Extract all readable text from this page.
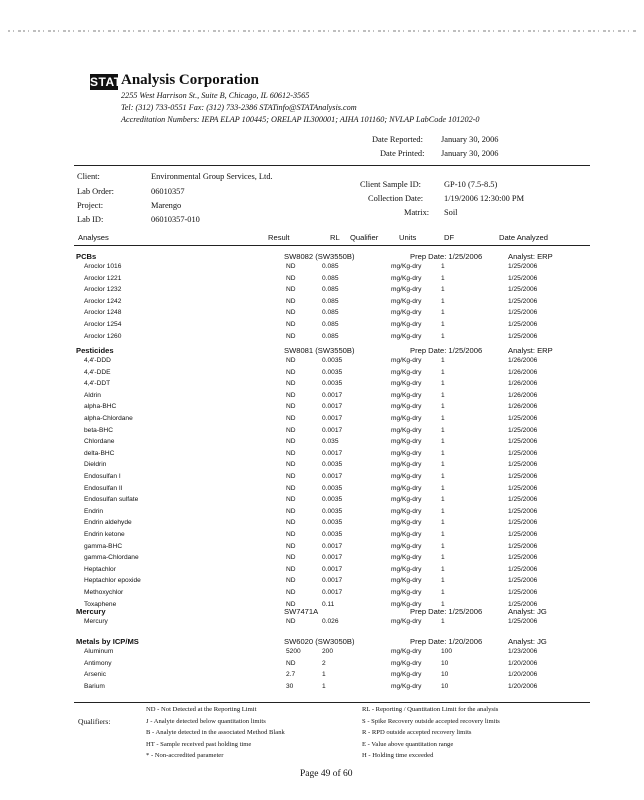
STAT Analysis Corporation
2255 West Harrison St., Suite B, Chicago, IL 60612-3565
Tel: (312) 733-0551 Fax: (312) 733-2386 STATinfo@STATAnalysis.com
Accreditation Numbers: IEPA ELAP 100445; ORELAP IL300001; AIHA 101160; NVLAP LabCode 101202-0
Date Reported: January 30, 2006
Date Printed: January 30, 2006
Client:	Environmental Group Services, Ltd.
Lab Order:	06010357
Project:	Marengo
Lab ID:	06010357-010
Client Sample ID:	GP-10 (7.5-8.5)
Collection Date: 1/19/2006 12:30:00 PM
Matrix: Soil
Analyses	Result	RL Qualifier	Units	DF	Date Analyzed
PCBs	SW8082 (SW3550B)	Prep Date: 1/25/2006	Analyst: ERP
Aroclor 1016	ND	0.085	mg/Kg-dry	1	1/25/2006
Aroclor 1221	ND	0.085	mg/Kg-dry	1	1/25/2006
Aroclor 1232	ND	0.085	mg/Kg-dry	1	1/25/2006
Aroclor 1242	ND	0.085	mg/Kg-dry	1	1/25/2006
Aroclor 1248	ND	0.085	mg/Kg-dry	1	1/25/2006
Aroclor 1254	ND	0.085	mg/Kg-dry	1	1/25/2006
Aroclor 1260	ND	0.085	mg/Kg-dry	1	1/25/2006
Pesticides	SW8081 (SW3550B)	Prep Date: 1/25/2006	Analyst: ERP
4,4'-DDD	ND	0.0035	mg/Kg-dry	1	1/26/2006
4,4'-DDE	ND	0.0035	mg/Kg-dry	1	1/26/2006
4,4'-DDT	ND	0.0035	mg/Kg-dry	1	1/26/2006
Aldrin	ND	0.0017	mg/Kg-dry	1	1/26/2006
alpha-BHC	ND	0.0017	mg/Kg-dry	1	1/26/2006
alpha-Chlordane	ND	0.0017	mg/Kg-dry	1	1/25/2006
beta-BHC	ND	0.0017	mg/Kg-dry	1	1/25/2006
Chlordane	ND	0.035	mg/Kg-dry	1	1/25/2006
delta-BHC	ND	0.0017	mg/Kg-dry	1	1/25/2006
Dieldrin	ND	0.0035	mg/Kg-dry	1	1/25/2006
Endosulfan I	ND	0.0017	mg/Kg-dry	1	1/25/2006
Endosulfan II	ND	0.0035	mg/Kg-dry	1	1/25/2006
Endosulfan sulfate	ND	0.0035	mg/Kg-dry	1	1/25/2006
Endrin	ND	0.0035	mg/Kg-dry	1	1/25/2006
Endrin aldehyde	ND	0.0035	mg/Kg-dry	1	1/25/2006
Endrin ketone	ND	0.0035	mg/Kg-dry	1	1/25/2006
gamma-BHC	ND	0.0017	mg/Kg-dry	1	1/25/2006
gamma-Chlordane	ND	0.0017	mg/Kg-dry	1	1/25/2006
Heptachlor	ND	0.0017	mg/Kg-dry	1	1/25/2006
Heptachlor epoxide	ND	0.0017	mg/Kg-dry	1	1/25/2006
Methoxychlor	ND	0.0017	mg/Kg-dry	1	1/25/2006
Toxaphene	ND	0.11	mg/Kg-dry	1	1/25/2006
Mercury	SW7471A	Prep Date: 1/25/2006	Analyst: JG
Mercury	ND	0.026	mg/Kg-dry	1	1/25/2006
Metals by ICP/MS	SW6020 (SW3050B)	Prep Date: 1/20/2006	Analyst: JG
Aluminum	5200	200	mg/Kg-dry	100	1/23/2006
Antimony	ND	2	mg/Kg-dry	10	1/20/2006
Arsenic	2.7	1	mg/Kg-dry	10	1/20/2006
Barium	30	1	mg/Kg-dry	10	1/20/2006
Qualifiers:
ND - Not Detected at the Reporting Limit
J - Analyte detected below quantitation limits
B - Analyte detected in the associated Method Blank
HT - Sample received past holding time
* - Non-accredited parameter
RL - Reporting / Quantitation Limit for the analysis
S - Spike Recovery outside accepted recovery limits
R - RPD outside accepted recovery limits
E - Value above quantitation range
H - Holding time exceeded
Page 49 of 60
